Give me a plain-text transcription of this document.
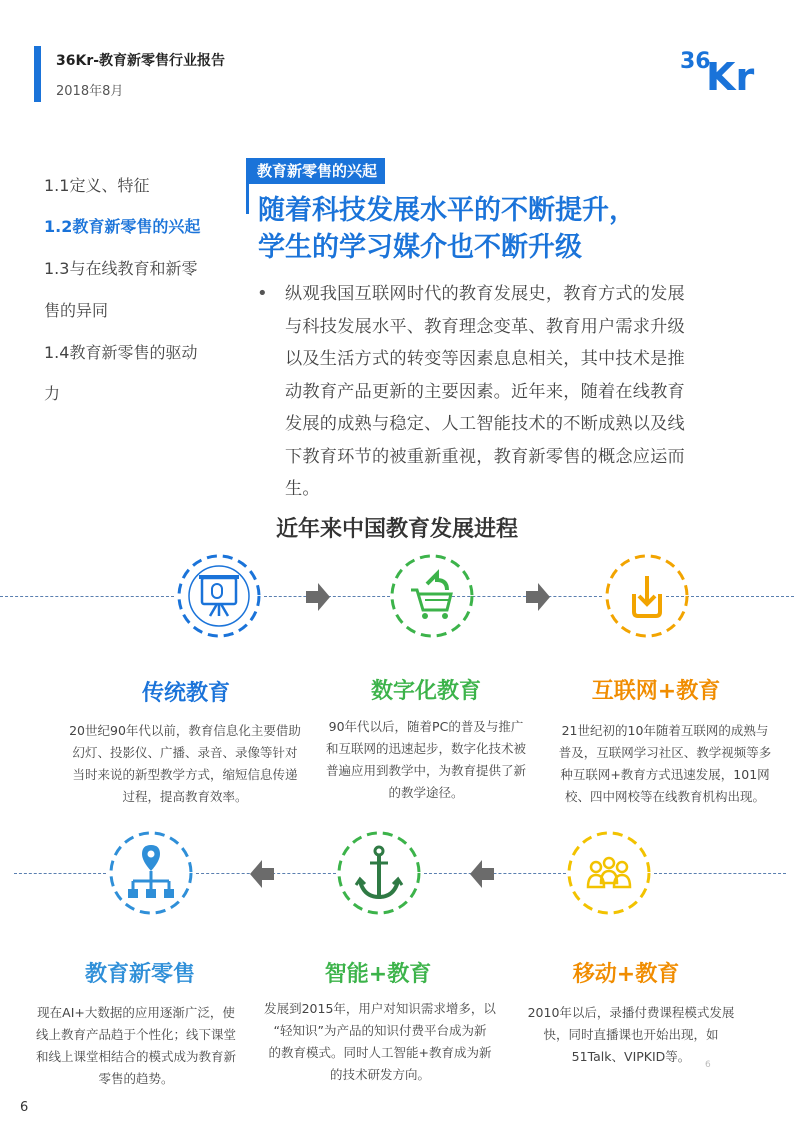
36Kr-教育新零售行业报告
2018年8月
36
Kr
1.1定义、特征
1.2教育新零售的兴起
1.3与在线教育和新零
售的异同
1.4教育新零售的驱动
力
教育新零售的兴起
随着科技发展水平的不断提升，
学生的学习媒介也不断升级
• 纵观我国互联网时代的教育发展史，教育方式的发展
与科技发展水平、教育理念变革、教育用户需求升级
以及生活方式的转变等因素息息相关，其中技术是推
动教育产品更新的主要因素。近年来，随着在线教育
发展的成熟与稳定、人工智能技术的不断成熟以及线
下教育环节的被重新重视，教育新零售的概念应运而
生。
近年来中国教育发展进程
传统教育	数字化教育	互联网+教育
20世纪90年代以前，教育信息化主要借助
幻灯、投影仪、广播、录音、录像等针对
当时来说的新型教学方式，缩短信息传递
过程，提高教育效率。
90年代以后，随着PC的普及与推广
和互联网的迅速起步，数字化技术被
普遍应用到教学中，为教育提供了新
的教学途径。
21世纪初的10年随着互联网的成熟与
普及，互联网学习社区、教学视频等多
种互联网+教育方式迅速发展，101网
校、四中网校等在线教育机构出现。
教育新零售	智能+教育	移动+教育
现在AI+大数据的应用逐渐广泛，使
线上教育产品趋于个性化；线下课堂
和线上课堂相结合的模式成为教育新
零售的趋势。
发展到2015年，用户对知识需求增多，以
“轻知识”为产品的知识付费平台成为新
的教育模式。同时人工智能+教育成为新
的技术研发方向。
2010年以后，录播付费课程模式发展
快，同时直播课也开始出现，如
51Talk、VIPKID等。
6
6
